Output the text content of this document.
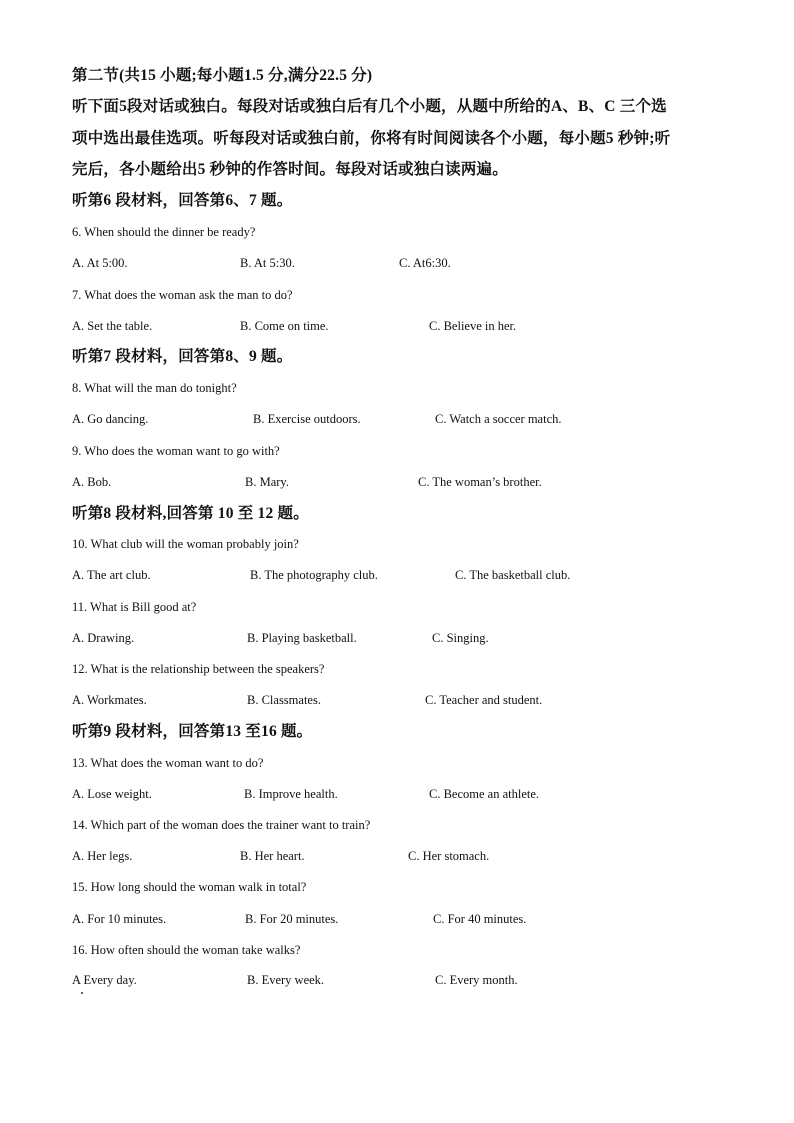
第二节(共15 小题;每小题1.5 分,满分22.5 分)
听下面5段对话或独白。每段对话或独白后有几个小题，从题中所给的A、B、C 三个选
项中选出最佳选项。听每段对话或独白前，你将有时间阅读各个小题，每小题5 秒钟;听
完后，各小题给出5 秒钟的作答时间。每段对话或独白读两遍。
听第6 段材料，回答第6、7 题。
6. When should the dinner be ready?
A. At 5:00.	B. At 5:30.	C. At6:30.
7. What does the woman ask the man to do?
A. Set the table.	B. Come on time.	C. Believe in her.
听第7 段材料，回答第8、9 题。
8. What will the man do tonight?
A. Go dancing.	B. Exercise outdoors.	C. Watch a soccer match.
9. Who does the woman want to go with?
A. Bob.	B. Mary.	C. The woman’s brother.
听第8 段材料,回答第 10 至 12 题。
10. What club will the woman probably join?
A. The art club.	B. The photography club.	C. The basketball club.
11. What is Bill good at?
A. Drawing.	B. Playing basketball.	C. Singing.
12. What is the relationship between the speakers?
A. Workmates.	B. Classmates.	C. Teacher and student.
听第9 段材料，回答第13 至16 题。
13. What does the woman want to do?
A. Lose weight.	B. Improve health.	C. Become an athlete.
14. Which part of the woman does the trainer want to train?
A. Her legs.	B. Her heart.	C. Her stomach.
15. How long should the woman walk in total?
A. For 10 minutes.	B. For 20 minutes.	C. For 40 minutes.
16. How often should the woman take walks?
A Every day.	B. Every week.	C. Every month.
